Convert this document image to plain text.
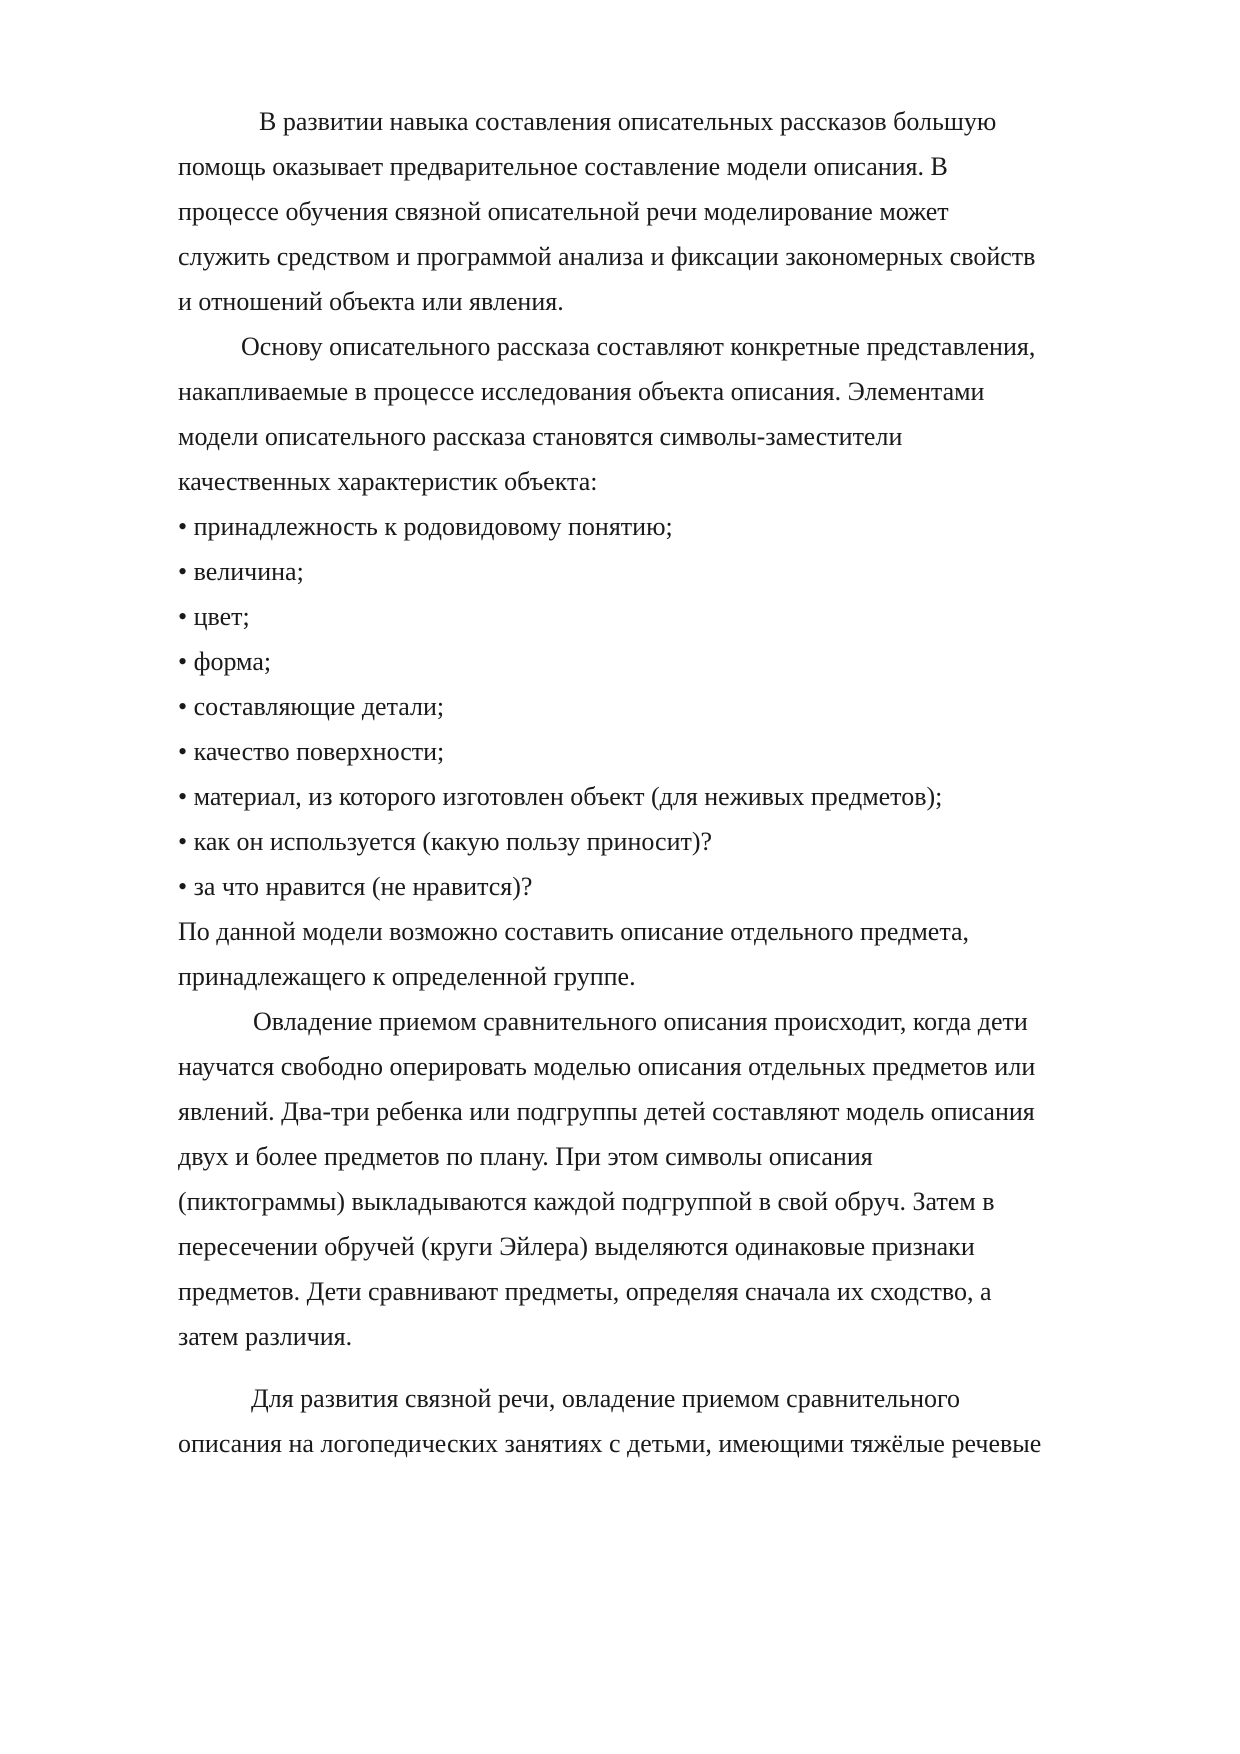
В развитии навыка составления описательных рассказов большую
помощь оказывает предварительное составление модели описания. В
процессе обучения связной описательной речи моделирование может
служить средством и программой анализа и фиксации закономерных свойств
и отношений объекта или явления.
Основу описательного рассказа составляют конкретные представления,
накапливаемые в процессе исследования объекта описания. Элементами
модели описательного рассказа становятся символы-заместители
качественных характеристик объекта:
• принадлежность к родовидовому понятию;
• величина;
• цвет;
• форма;
• составляющие детали;
• качество поверхности;
• материал, из которого изготовлен объект (для неживых предметов);
• как он используется (какую пользу приносит)?
• за что нравится (не нравится)?
По данной модели возможно составить описание отдельного предмета,
принадлежащего к определенной группе.
Овладение приемом сравнительного описания происходит, когда дети
научатся свободно оперировать моделью описания отдельных предметов или
явлений. Два-три ребенка или подгруппы детей составляют модель описания
двух и более предметов по плану. При этом символы описания
(пиктограммы) выкладываются каждой подгруппой в свой обруч. Затем в
пересечении обручей (круги Эйлера) выделяются одинаковые признаки
предметов. Дети сравнивают предметы, определяя сначала их сходство, а
затем различия.
Для развития связной речи, овладение приемом сравнительного
описания на логопедических занятиях с детьми, имеющими тяжёлые речевые
